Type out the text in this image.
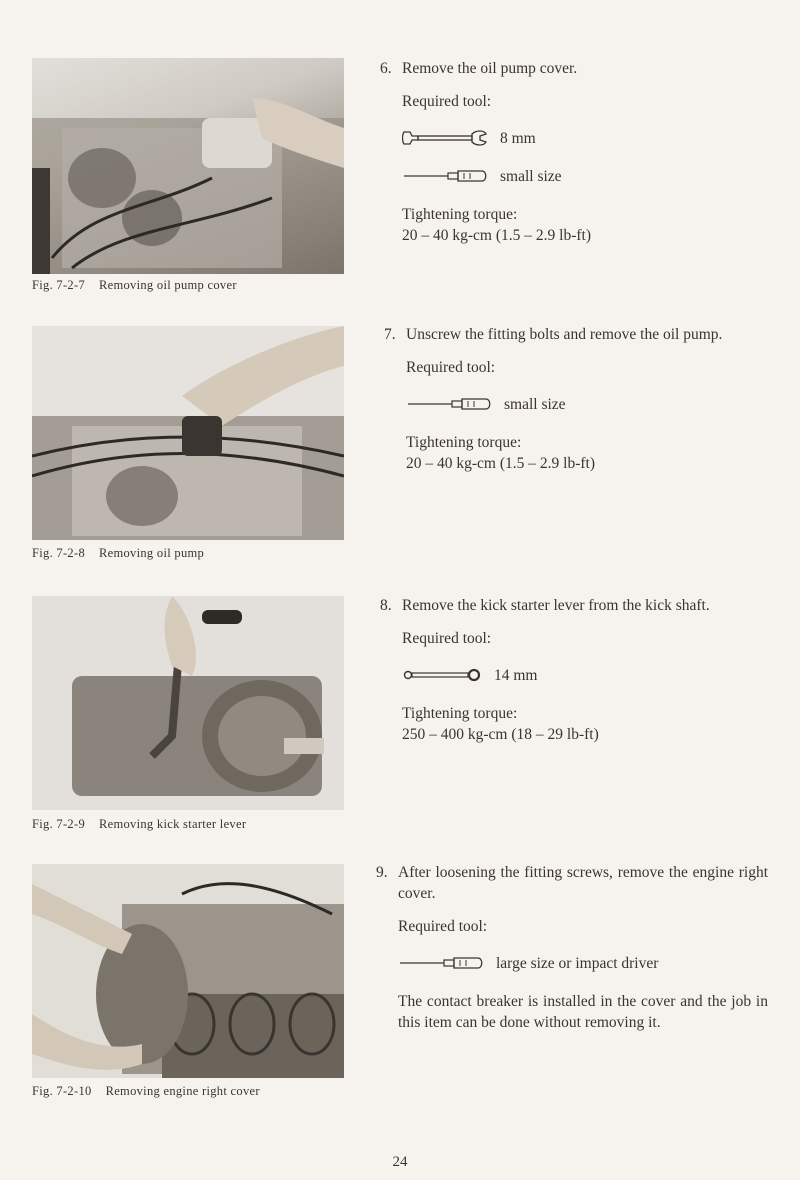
Fig. 7-2-7 Removing oil pump cover
Fig. 7-2-8 Removing oil pump
Fig. 7-2-9 Removing kick starter lever
Fig. 7-2-10 Removing engine right cover
6. Remove the oil pump cover.
Required tool:
8 mm
small size
Tightening torque:
20 – 40 kg-cm (1.5 – 2.9 lb-ft)
7. Unscrew the fitting bolts and remove the oil pump.
Required tool:
small size
Tightening torque:
20 – 40 kg-cm (1.5 – 2.9 lb-ft)
8. Remove the kick starter lever from the kick shaft.
Required tool:
14 mm
Tightening torque:
250 – 400 kg-cm (18 – 29 lb-ft)
9. After loosening the fitting screws, remove the engine right cover.
Required tool:
large size or impact driver
The contact breaker is installed in the cover and the job in this item can be done without removing it.
24
